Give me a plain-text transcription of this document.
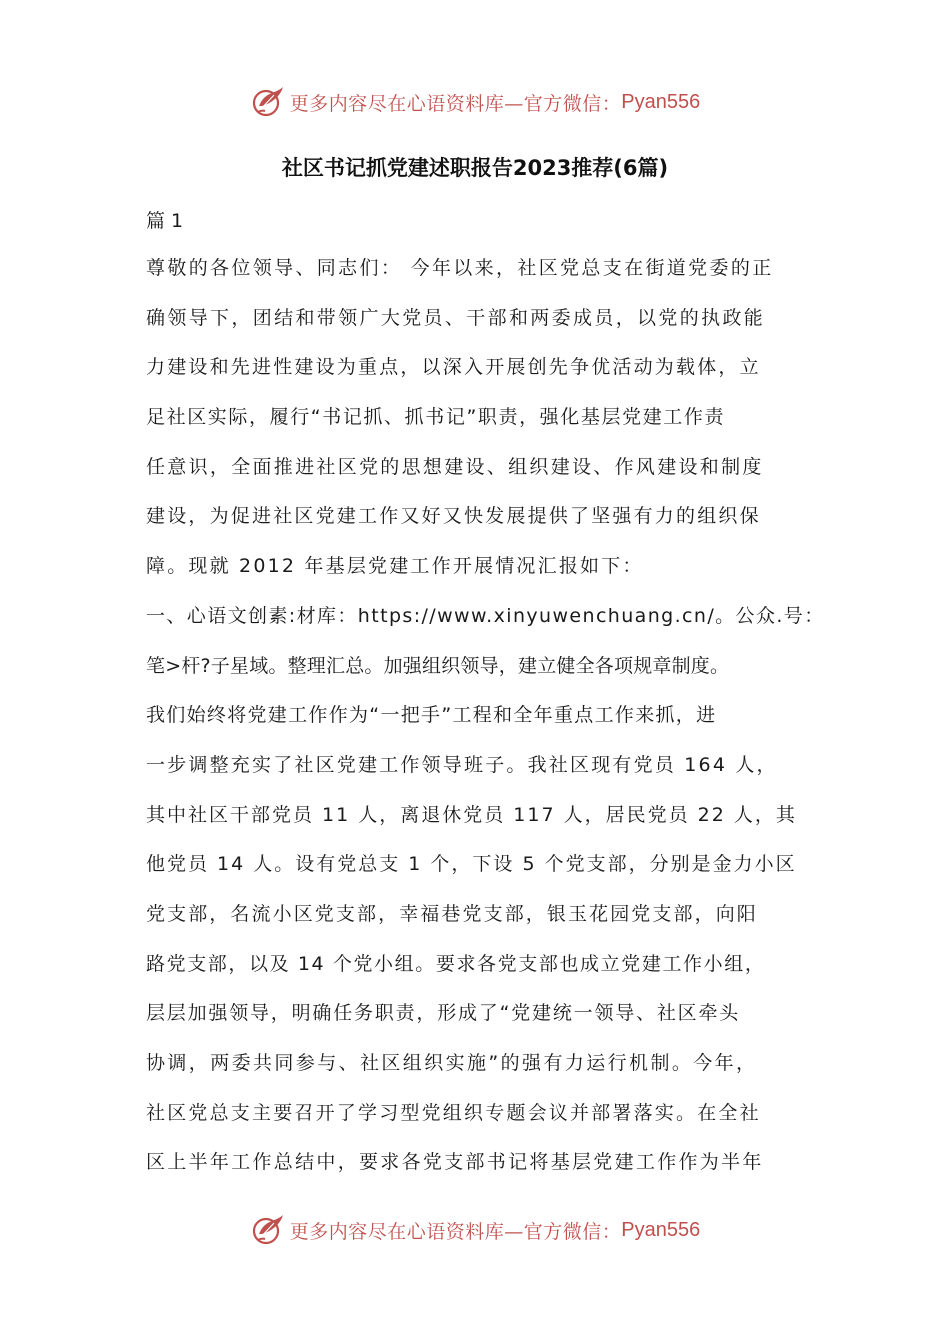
更多内容尽在心语资料库—官方微信： Pyan556
社区书记抓党建述职报告2023推荐(6篇)
篇 1
尊敬的各位领导、同志们： 今年以来，社区党总支在街道党委的正
确领导下，团结和带领广大党员、干部和两委成员，以党的执政能
力建设和先进性建设为重点，以深入开展创先争优活动为载体，立
足社区实际，履行“书记抓、抓书记”职责，强化基层党建工作责
任意识，全面推进社区党的思想建设、组织建设、作风建设和制度
建设，为促进社区党建工作又好又快发展提供了坚强有力的组织保
障。现就 2012 年基层党建工作开展情况汇报如下：
一、心语文创素:材库：https://www.xinyuwenchuang.cn/。公众.号：
笔>杆?子星域。整理汇总。加强组织领导，建立健全各项规章制度。
我们始终将党建工作作为“一把手”工程和全年重点工作来抓，进
一步调整充实了社区党建工作领导班子。我社区现有党员 164 人，
其中社区干部党员 11 人，离退休党员 117 人，居民党员 22 人，其
他党员 14 人。设有党总支 1 个，下设 5 个党支部，分别是金力小区
党支部，名流小区党支部，幸福巷党支部，银玉花园党支部，向阳
路党支部，以及 14 个党小组。要求各党支部也成立党建工作小组，
层层加强领导，明确任务职责，形成了“党建统一领导、社区牵头
协调，两委共同参与、社区组织实施”的强有力运行机制。今年，
社区党总支主要召开了学习型党组织专题会议并部署落实。在全社
区上半年工作总结中，要求各党支部书记将基层党建工作作为半年
更多内容尽在心语资料库—官方微信： Pyan556
